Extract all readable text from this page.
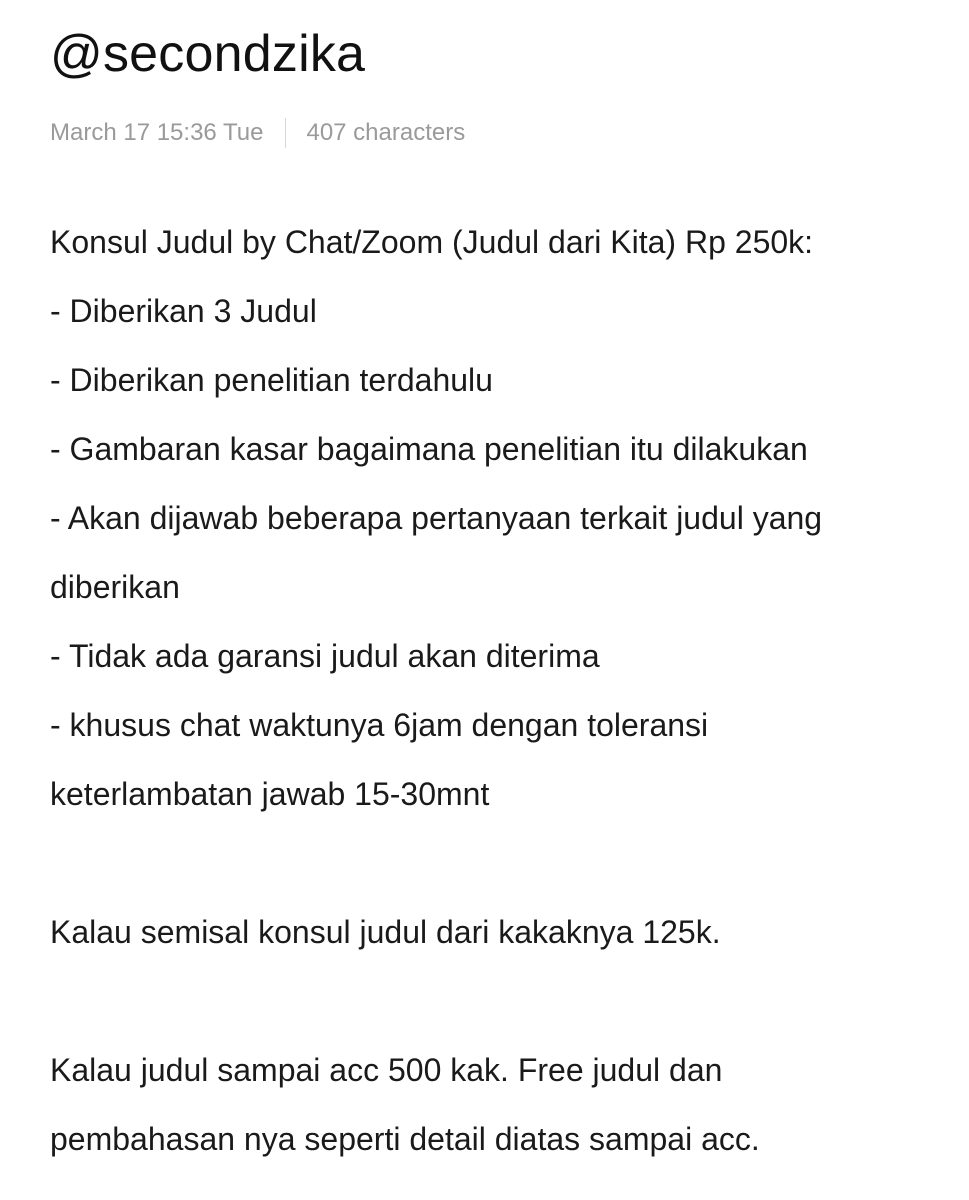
@secondzika
March 17 15:36 Tue 407 characters
Konsul Judul by Chat/Zoom (Judul dari Kita) Rp 250k:
- Diberikan 3 Judul
- Diberikan penelitian terdahulu
- Gambaran kasar bagaimana penelitian itu dilakukan
- Akan dijawab beberapa pertanyaan terkait judul yang
diberikan
- Tidak ada garansi judul akan diterima
- khusus chat waktunya 6jam dengan toleransi
keterlambatan jawab 15-30mnt
Kalau semisal konsul judul dari kakaknya 125k.
Kalau judul sampai acc 500 kak. Free judul dan
pembahasan nya seperti detail diatas sampai acc.
